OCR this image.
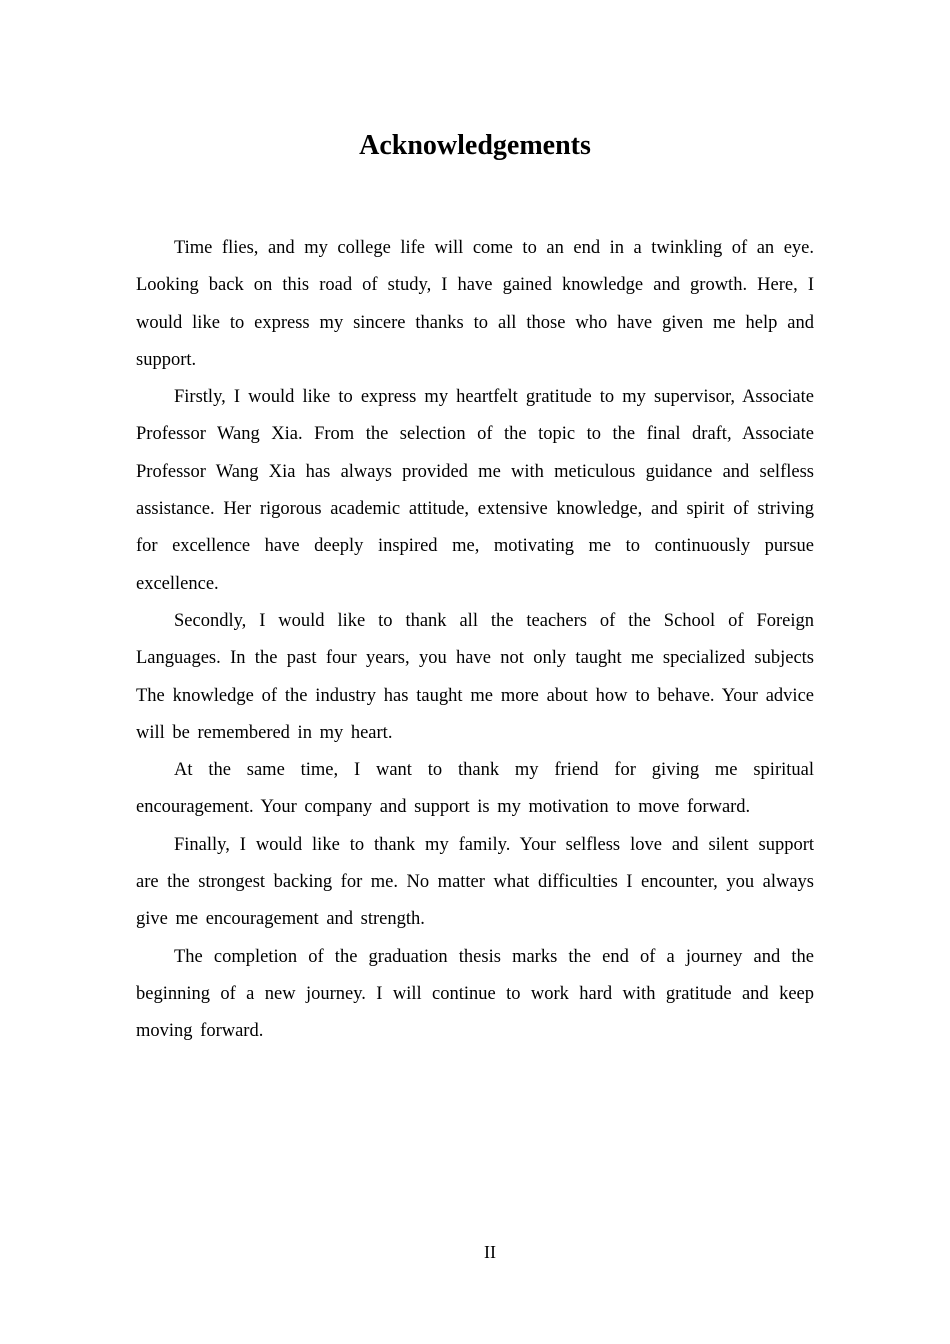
Acknowledgements

Time flies, and my college life will come to an end in a twinkling of an eye. Looking back on this road of study, I have gained knowledge and growth. Here, I would like to express my sincere thanks to all those who have given me help and support.

Firstly, I would like to express my heartfelt gratitude to my supervisor, Associate Professor Wang Xia. From the selection of the topic to the final draft, Associate Professor Wang Xia has always provided me with meticulous guidance and selfless assistance. Her rigorous academic attitude, extensive knowledge, and spirit of striving for excellence have deeply inspired me, motivating me to continuously pursue excellence.

Secondly, I would like to thank all the teachers of the School of Foreign Languages. In the past four years, you have not only taught me specialized subjects The knowledge of the industry has taught me more about how to behave. Your advice will be remembered in my heart.

At the same time, I want to thank my friend for giving me spiritual encouragement. Your company and support is my motivation to move forward.

Finally, I would like to thank my family. Your selfless love and silent support are the strongest backing for me. No matter what difficulties I encounter, you always give me encouragement and strength.

The completion of the graduation thesis marks the end of a journey and the beginning of a new journey. I will continue to work hard with gratitude and keep moving forward.

II
